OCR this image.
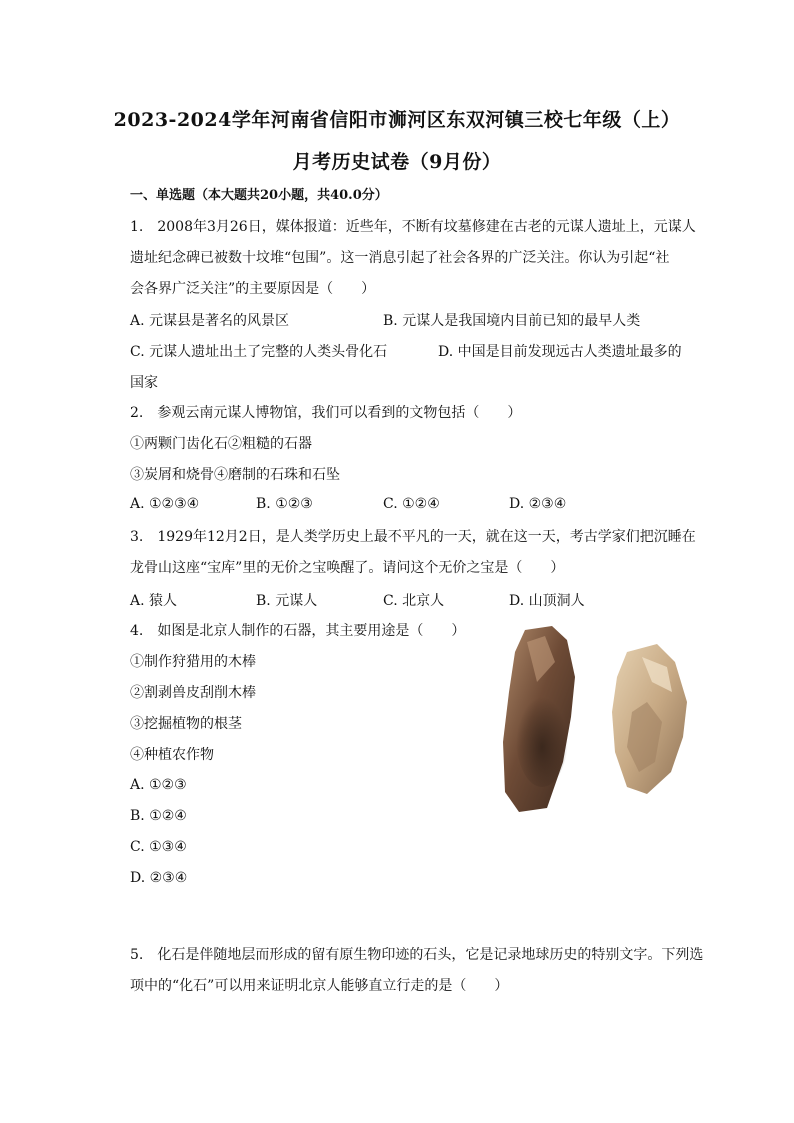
2023-2024学年河南省信阳市浉河区东双河镇三校七年级（上）
月考历史试卷（9月份）
一、单选题（本大题共20小题，共40.0分）
1.　2008年3月26日，媒体报道：近些年，不断有坟墓修建在古老的元谋人遗址上，元谋人
遗址纪念碑已被数十坟堆“包围”。这一消息引起了社会各界的广泛关注。你认为引起“社
会各界广泛关注”的主要原因是（　　）
A. 元谋县是著名的风景区	B. 元谋人是我国境内目前已知的最早人类
C. 元谋人遗址出土了完整的人类头骨化石	D. 中国是目前发现远古人类遗址最多的
国家
2.　参观云南元谋人博物馆，我们可以看到的文物包括（　　）
①两颗门齿化石②粗糙的石器
③炭屑和烧骨④磨制的石珠和石坠
A. ①②③④	B. ①②③	C. ①②④	D. ②③④
3.　1929年12月2日，是人类学历史上最不平凡的一天，就在这一天，考古学家们把沉睡在
龙骨山这座“宝库”里的无价之宝唤醒了。请问这个无价之宝是（　　）
A. 猿人	B. 元谋人	C. 北京人	D. 山顶洞人
4.　如图是北京人制作的石器，其主要用途是（　　）
①制作狩猎用的木棒
②割剥兽皮刮削木棒
③挖掘植物的根茎
④种植农作物
A. ①②③
B. ①②④
C. ①③④
D. ②③④
5.　化石是伴随地层而形成的留有原生物印迹的石头，它是记录地球历史的特别文字。下列选
项中的“化石”可以用来证明北京人能够直立行走的是（　　）
